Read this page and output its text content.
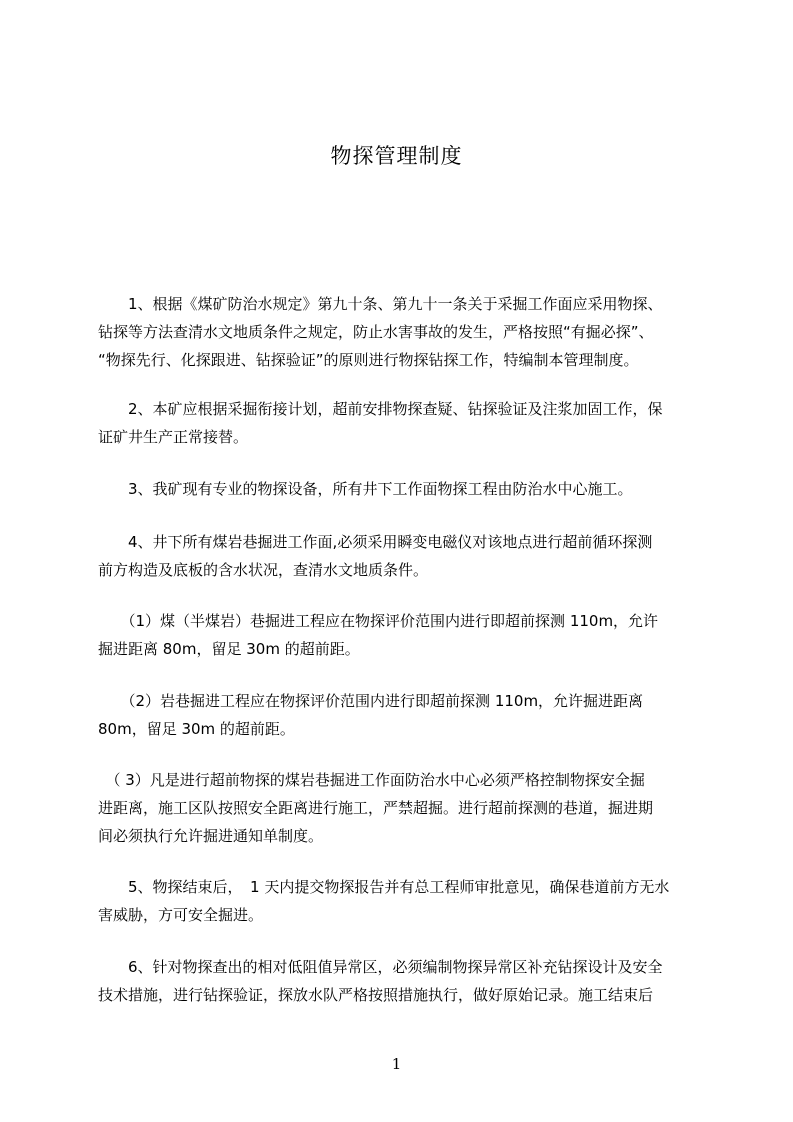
物探管理制度

　　1、根据《煤矿防治水规定》第九十条、第九十一条关于采掘工作面应采用物探、

钻探等方法查清水文地质条件之规定，防止水害事故的发生，严格按照“有掘必探”、

“物探先行、化探跟进、钻探验证”的原则进行物探钻探工作，特编制本管理制度。

　　2、本矿应根据采掘衔接计划，超前安排物探查疑、钻探验证及注浆加固工作，保

证矿井生产正常接替。

　　3、我矿现有专业的物探设备，所有井下工作面物探工程由防治水中心施工。

　　4、井下所有煤岩巷掘进工作面,必须采用瞬变电磁仪对该地点进行超前循环探测

前方构造及底板的含水状况，查清水文地质条件。

　　（1）煤（半煤岩）巷掘进工程应在物探评价范围内进行即超前探测 110m，允许

掘进距离 80m，留足 30m 的超前距。

　　（2）岩巷掘进工程应在物探评价范围内进行即超前探测 110m，允许掘进距离

80m，留足 30m 的超前距。

　（ 3）凡是进行超前物探的煤岩巷掘进工作面防治水中心必须严格控制物探安全掘

进距离，施工区队按照安全距离进行施工，严禁超掘。进行超前探测的巷道，掘进期

间必须执行允许掘进通知单制度。

　　5、物探结束后，　1 天内提交物探报告并有总工程师审批意见，确保巷道前方无水

害威胁，方可安全掘进。

　　6、针对物探查出的相对低阻值异常区，必须编制物探异常区补充钻探设计及安全

技术措施，进行钻探验证，探放水队严格按照措施执行，做好原始记录。施工结束后

1
